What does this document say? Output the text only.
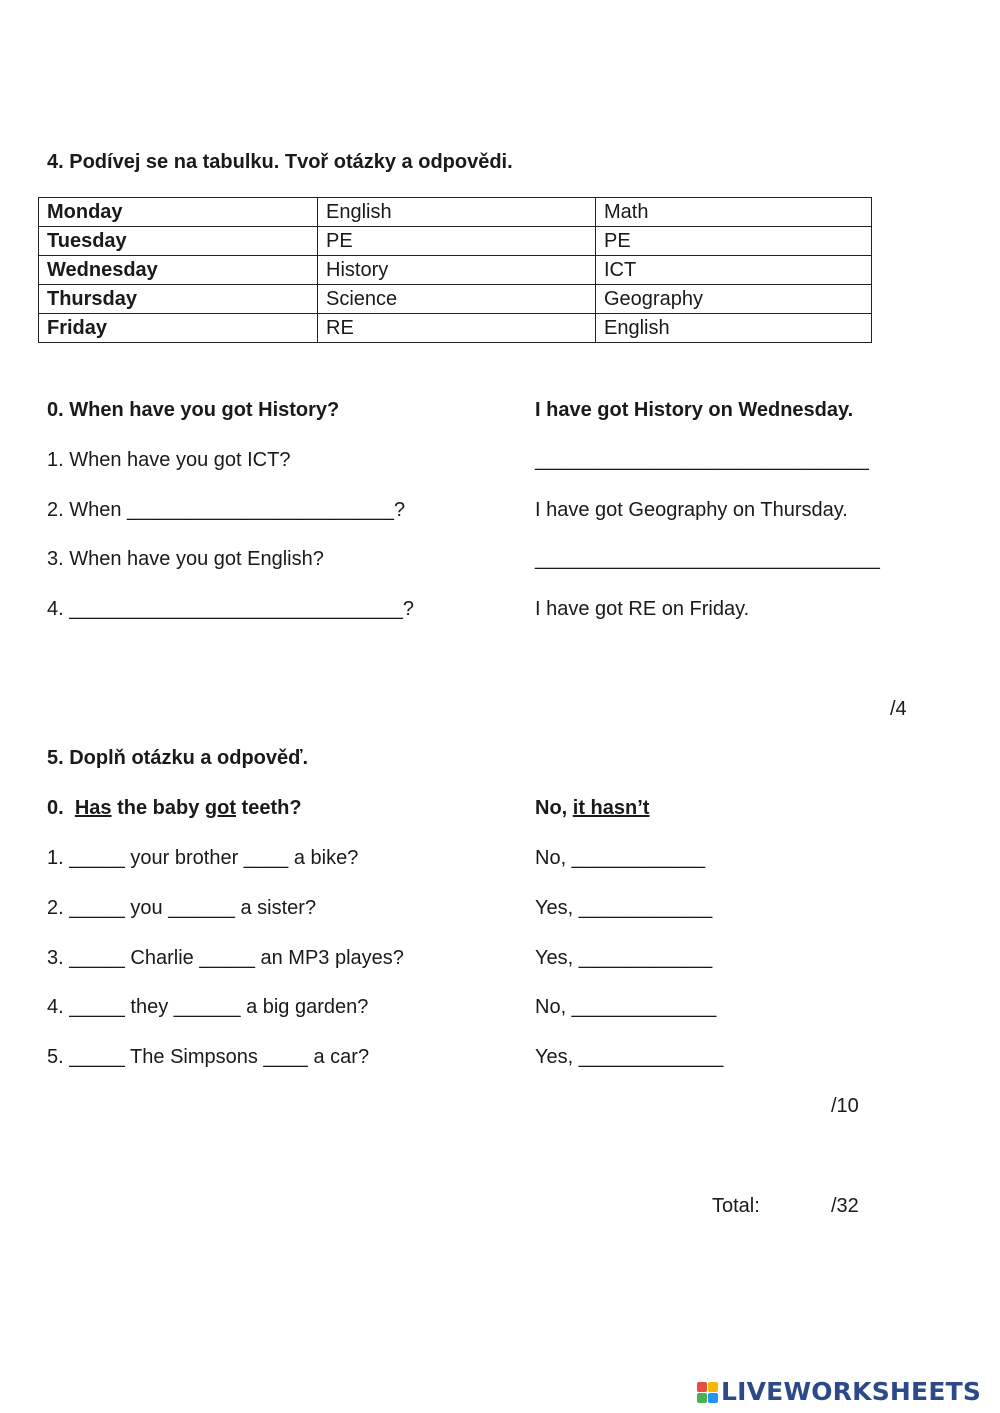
4. Podívej se na tabulku. Tvoř otázky a odpovědi.
Monday	English	Math
Tuesday	PE	PE
Wednesday	History	ICT
Thursday	Science	Geography
Friday	RE	English
0. When have you got History?	I have got History on Wednesday.
1. When have you got ICT?	______________________________
2. When ________________________?	I have got Geography on Thursday.
3. When have you got English?	_______________________________
4. ______________________________?	I have got RE on Friday.
/4
5. Doplň otázku a odpověď.
0. Has the baby got teeth?	No, it hasn’t
1. _____ your brother ____ a bike?	No, ____________
2. _____ you ______ a sister?	Yes, ____________
3. _____ Charlie _____ an MP3 playes?	Yes, ____________
4. _____ they ______ a big garden?	No, _____________
5. _____ The Simpsons ____ a car?	Yes, _____________
/10
Total:	/32
LIVEWORKSHEETS
